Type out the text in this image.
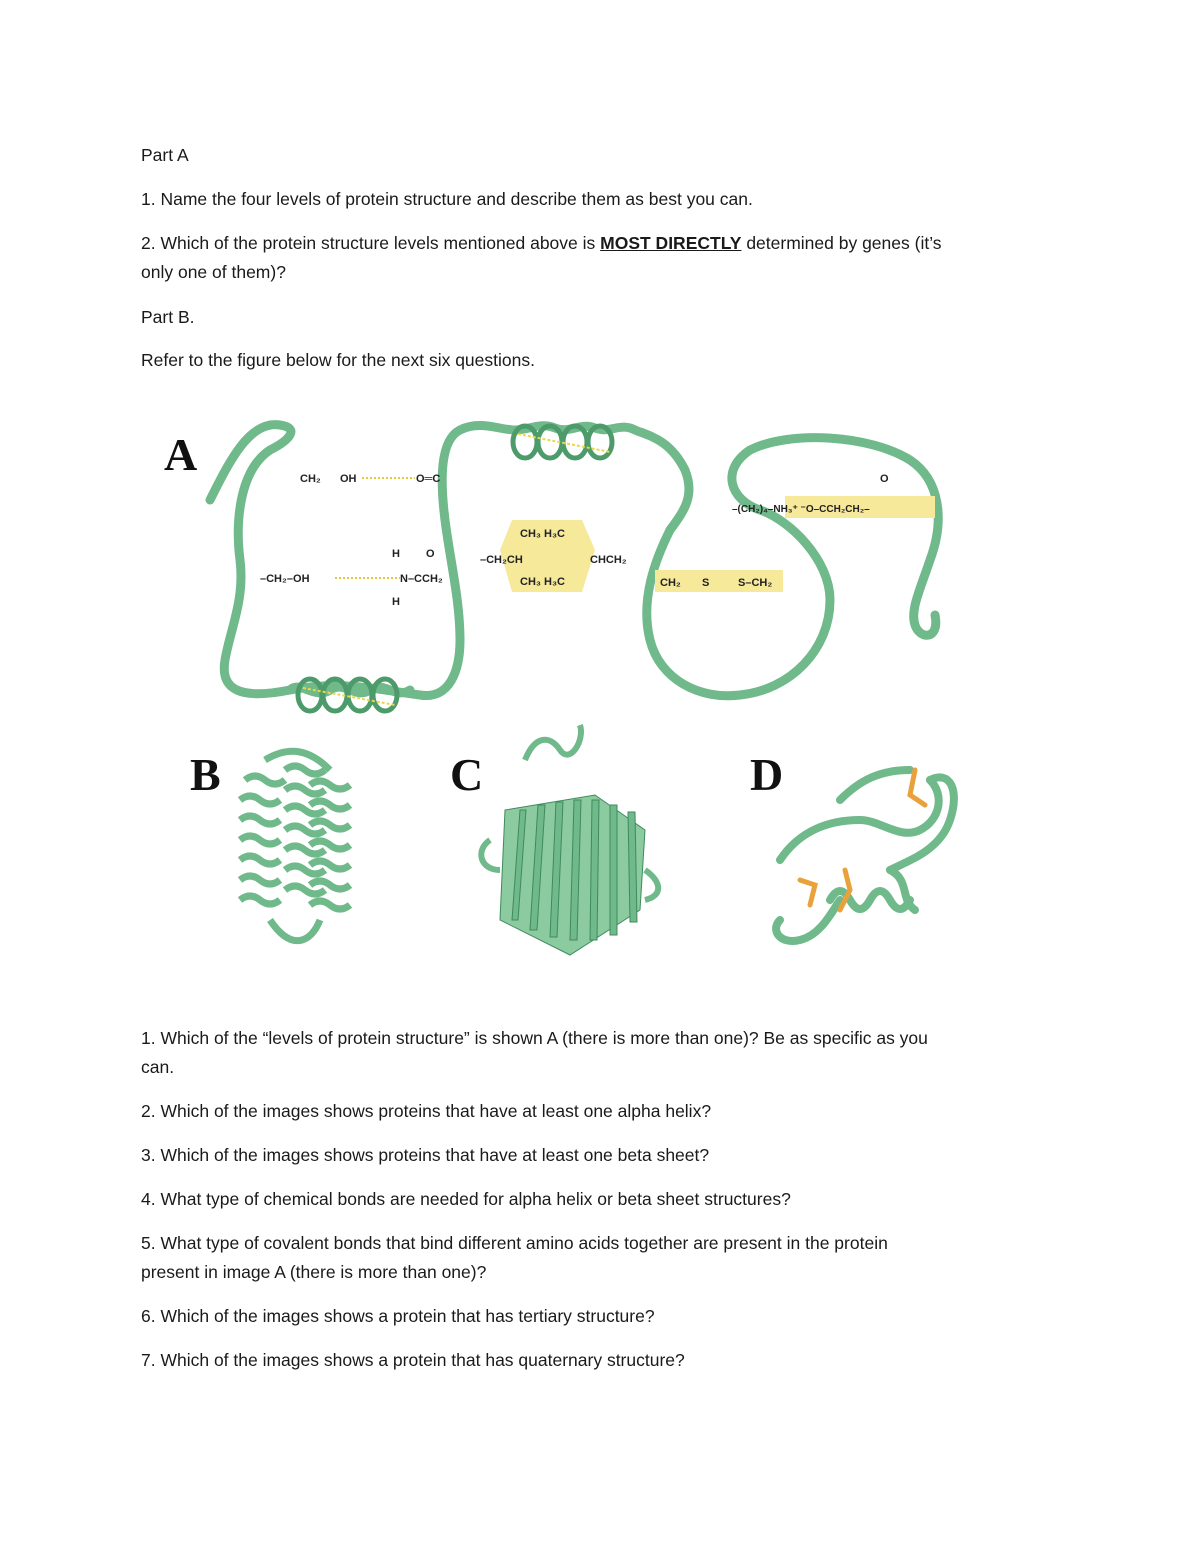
Part A
1. Name the four levels of protein structure and describe them as best you can.
2. Which of the protein structure levels mentioned above is MOST DIRECTLY determined by genes (it’s
only one of them)?
Part B.
Refer to the figure below for the next six questions.
A	CH₂ OH	O═C
H O
–CH₂–OH	N–CCH₂
H
CH₃ H₃C
–CH₂CH	CHCH₂
CH₃ H₃C	CH₂ S	S–CH₂
O
–(CH₂)₄–NH₃⁺ ⁻O–CCH₂CH₂–
B	C	D
1. Which of the “levels of protein structure” is shown A (there is more than one)? Be as specific as you
can.
2. Which of the images shows proteins that have at least one alpha helix?
3. Which of the images shows proteins that have at least one beta sheet?
4. What type of chemical bonds are needed for alpha helix or beta sheet structures?
5. What type of covalent bonds that bind different amino acids together are present in the protein
present in image A (there is more than one)?
6. Which of the images shows a protein that has tertiary structure?
7. Which of the images shows a protein that has quaternary structure?
